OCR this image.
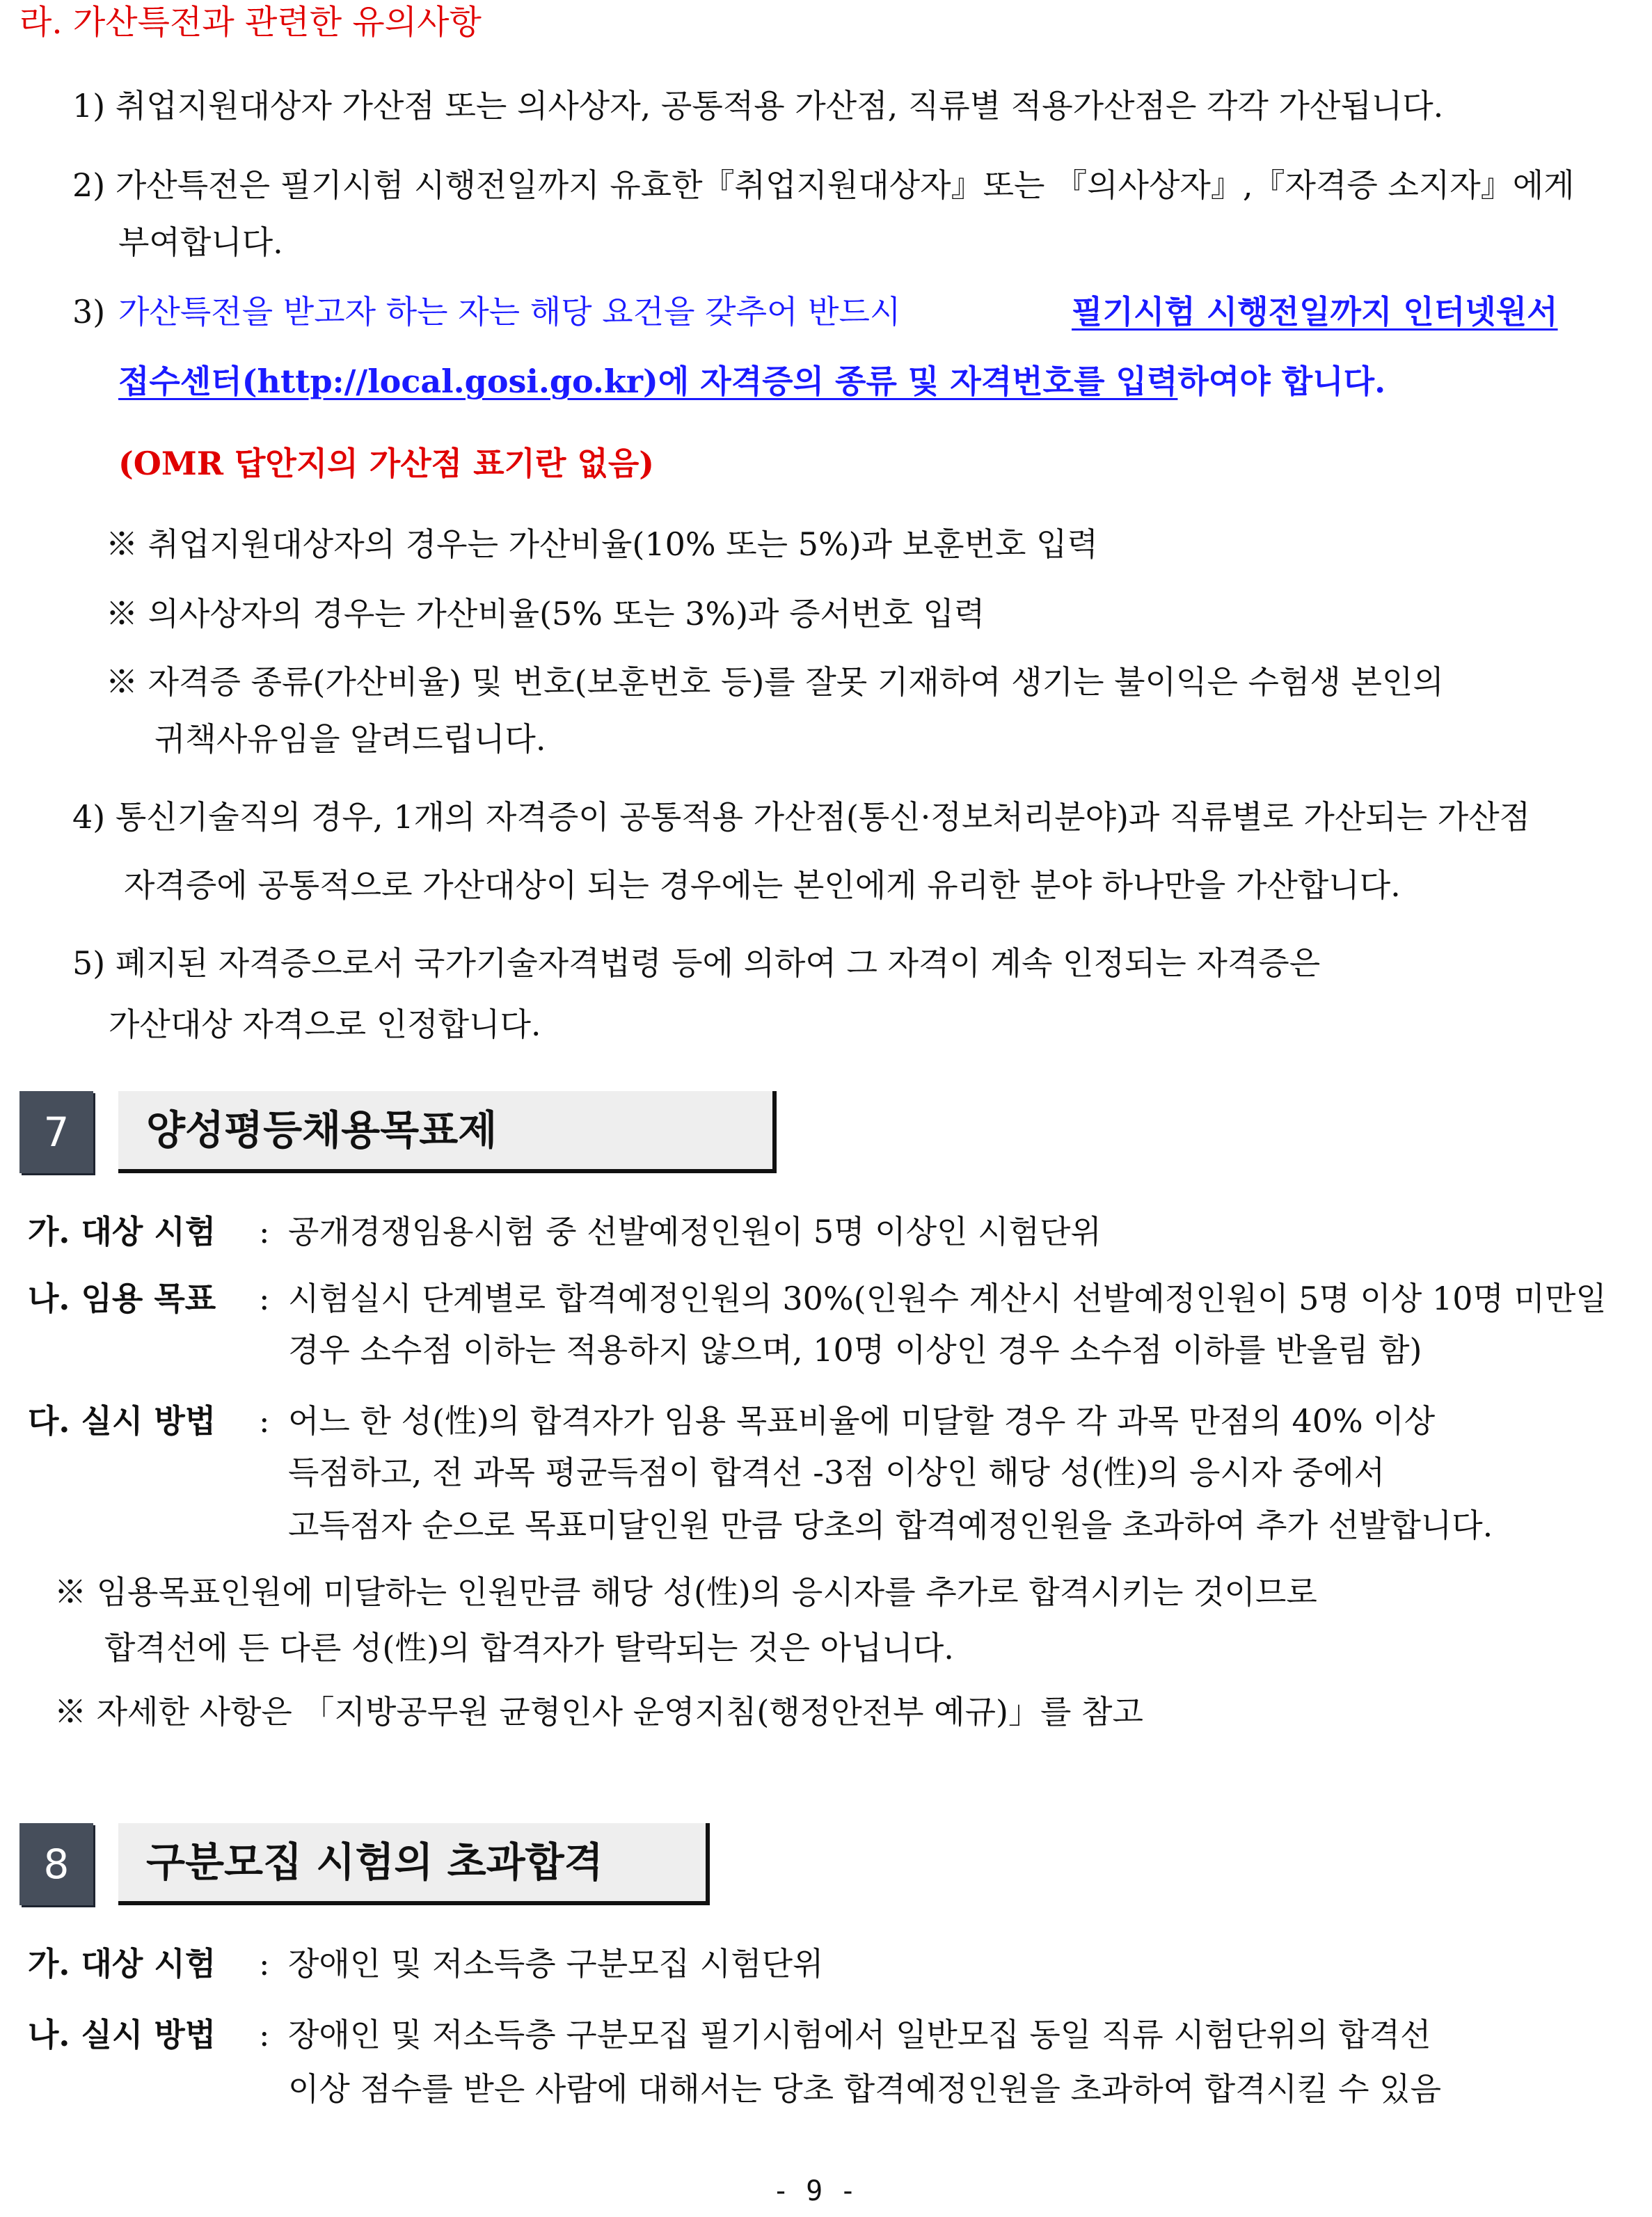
라. 가산특전과 관련한 유의사항
1) 취업지원대상자 가산점 또는 의사상자, 공통적용 가산점, 직류별 적용가산점은 각각 가산됩니다.
2) 가산특전은 필기시험 시행전일까지 유효한『취업지원대상자』또는 『의사상자』,『자격증 소지자』에게
부여합니다.
3) 가산특전을 받고자 하는 자는 해당 요건을 갖추어 반드시	필기시험 시행전일까지 인터넷원서
접수센터(http://local.gosi.go.kr)에 자격증의 종류 및 자격번호를 입력하여야 합니다.
(OMR 답안지의 가산점 표기란 없음)
※ 취업지원대상자의 경우는 가산비율(10% 또는 5%)과 보훈번호 입력
※ 의사상자의 경우는 가산비율(5% 또는 3%)과 증서번호 입력
※ 자격증 종류(가산비율) 및 번호(보훈번호 등)를 잘못 기재하여 생기는 불이익은 수험생 본인의
귀책사유임을 알려드립니다.
4) 통신기술직의 경우, 1개의 자격증이 공통적용 가산점(통신·정보처리분야)과 직류별로 가산되는 가산점
자격증에 공통적으로 가산대상이 되는 경우에는 본인에게 유리한 분야 하나만을 가산합니다.
5) 폐지된 자격증으로서 국가기술자격법령 등에 의하여 그 자격이 계속 인정되는 자격증은
가산대상 자격으로 인정합니다.
7	양성평등채용목표제
가. 대상 시험 : 공개경쟁임용시험 중 선발예정인원이 5명 이상인 시험단위
나. 임용 목표 : 시험실시 단계별로 합격예정인원의 30%(인원수 계산시 선발예정인원이 5명 이상 10명 미만일
경우 소수점 이하는 적용하지 않으며, 10명 이상인 경우 소수점 이하를 반올림 함)
다. 실시 방법 : 어느 한 성(性)의 합격자가 임용 목표비율에 미달할 경우 각 과목 만점의 40% 이상
득점하고, 전 과목 평균득점이 합격선 -3점 이상인 해당 성(性)의 응시자 중에서
고득점자 순으로 목표미달인원 만큼 당초의 합격예정인원을 초과하여 추가 선발합니다.
※ 임용목표인원에 미달하는 인원만큼 해당 성(性)의 응시자를 추가로 합격시키는 것이므로
합격선에 든 다른 성(性)의 합격자가 탈락되는 것은 아닙니다.
※ 자세한 사항은 「지방공무원 균형인사 운영지침(행정안전부 예규)」를 참고
8	구분모집 시험의 초과합격
가. 대상 시험 : 장애인 및 저소득층 구분모집 시험단위
나. 실시 방법 : 장애인 및 저소득층 구분모집 필기시험에서 일반모집 동일 직류 시험단위의 합격선
이상 점수를 받은 사람에 대해서는 당초 합격예정인원을 초과하여 합격시킬 수 있음
- 9 -
